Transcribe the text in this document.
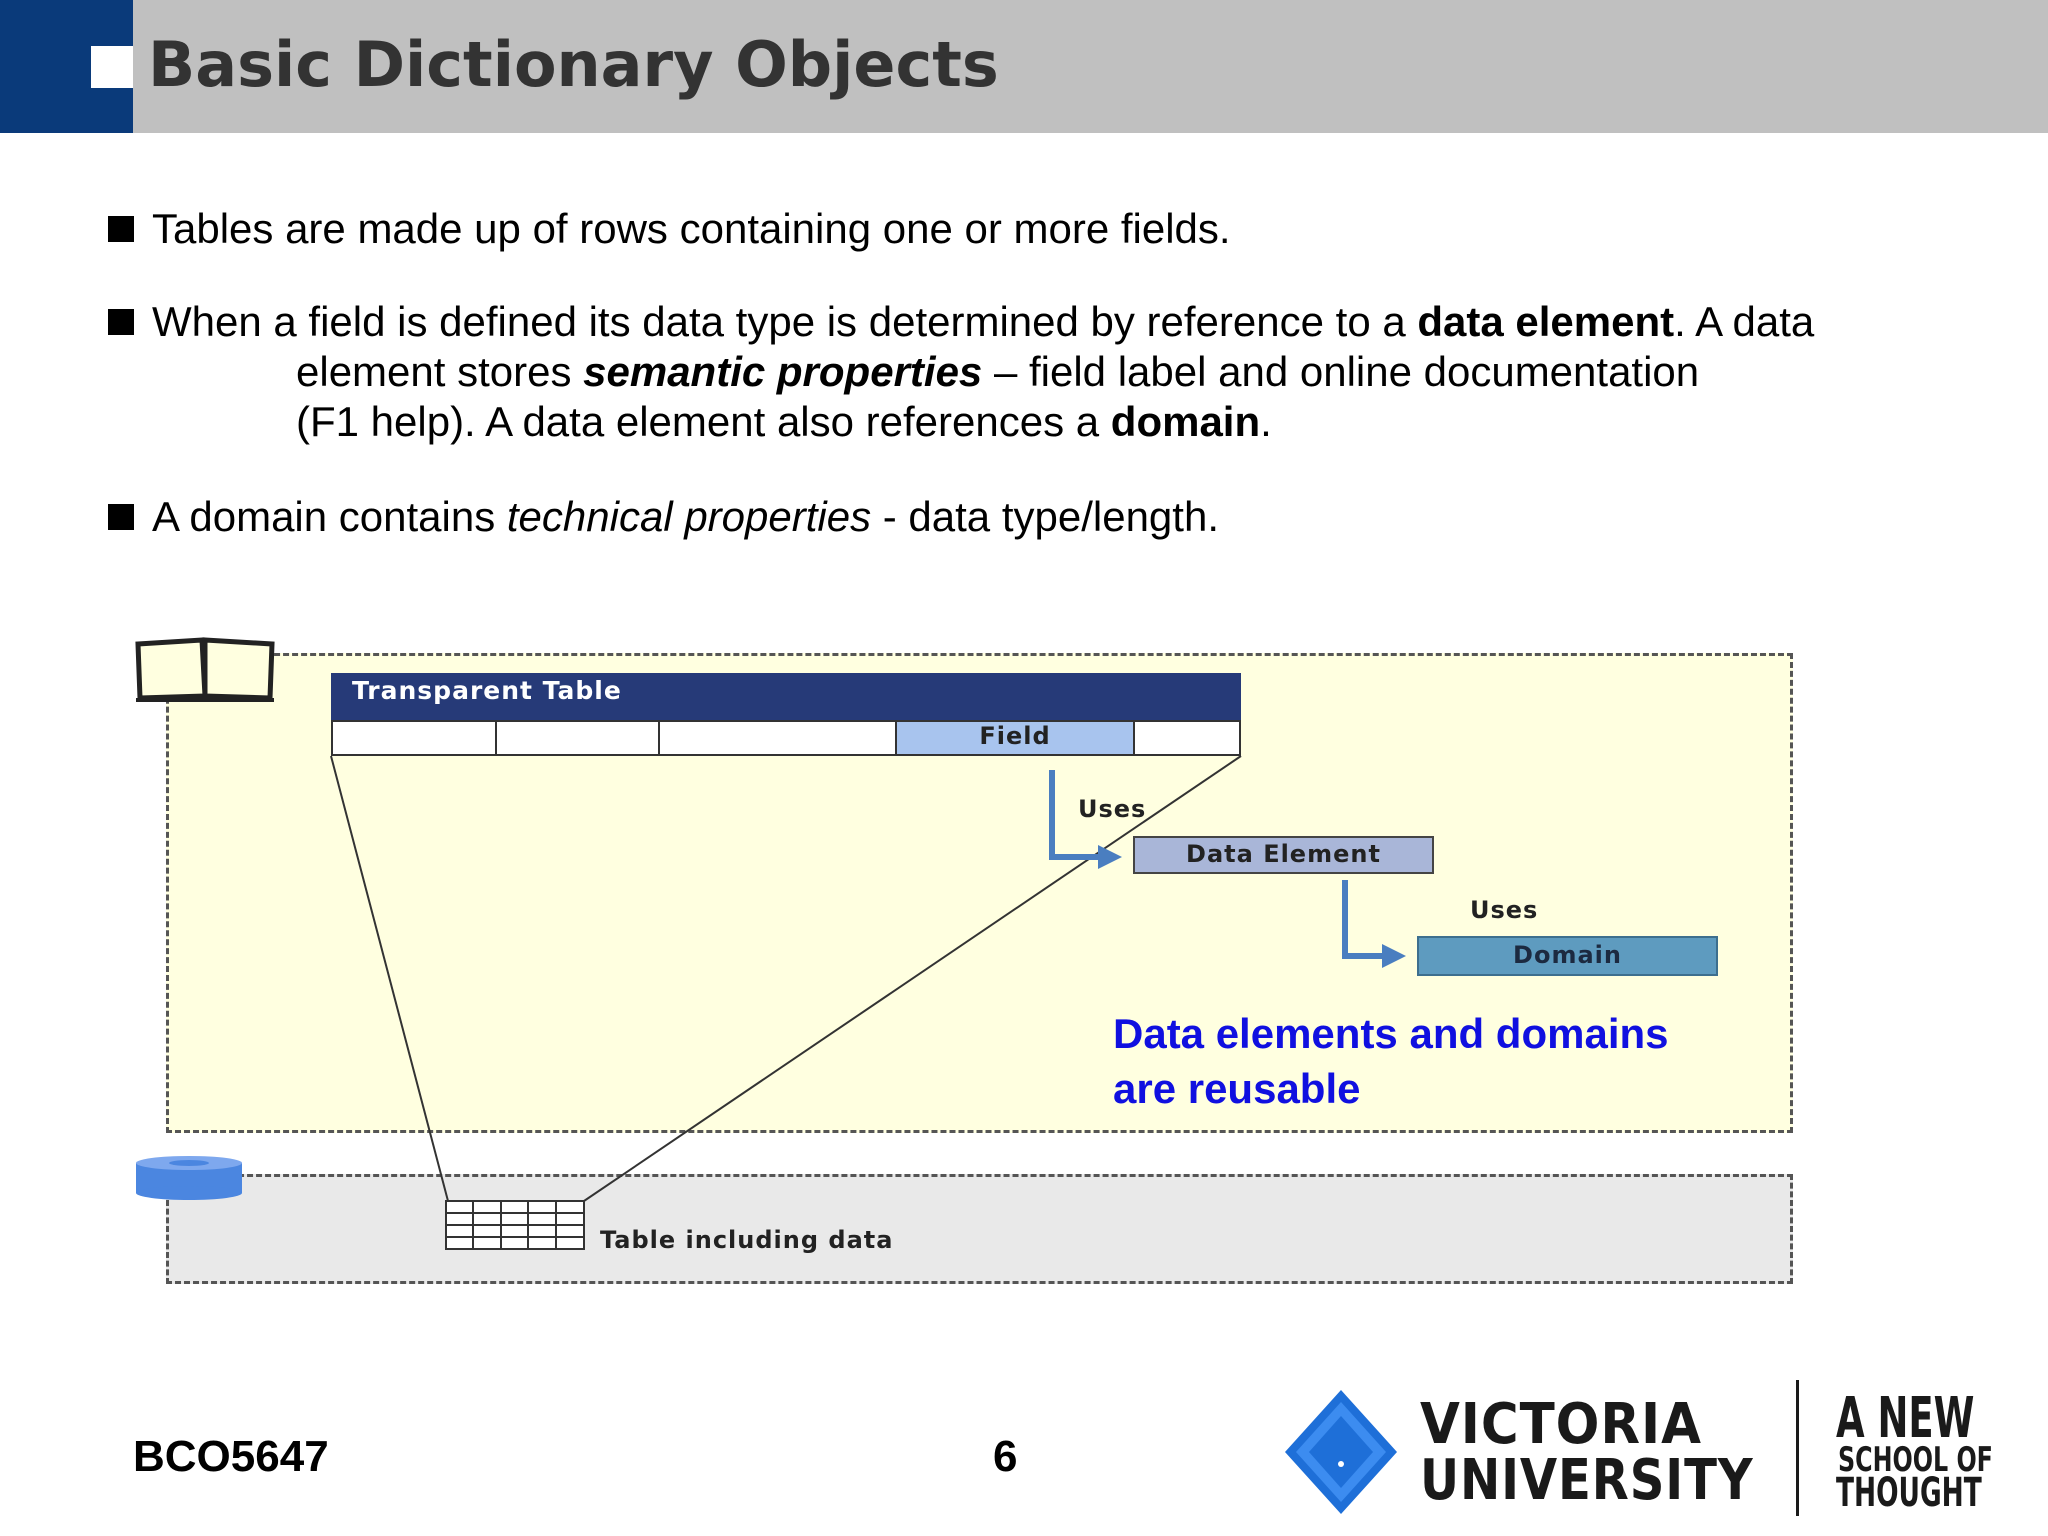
Basic Dictionary Objects
Tables are made up of rows containing one or more fields.
When a field is defined its data type is determined by reference to a data element. A data
element stores semantic properties – field label and online documentation
(F1 help). A data element also references a domain.
A domain contains technical properties - data type/length.
Transparent Table
Field
Uses
Data Element
Uses
Domain
Data elements and domains
are reusable
Table including data
BCO5647	6	VICTORIA
UNIVERSITY
A NEW
SCHOOL OF
THOUGHT
